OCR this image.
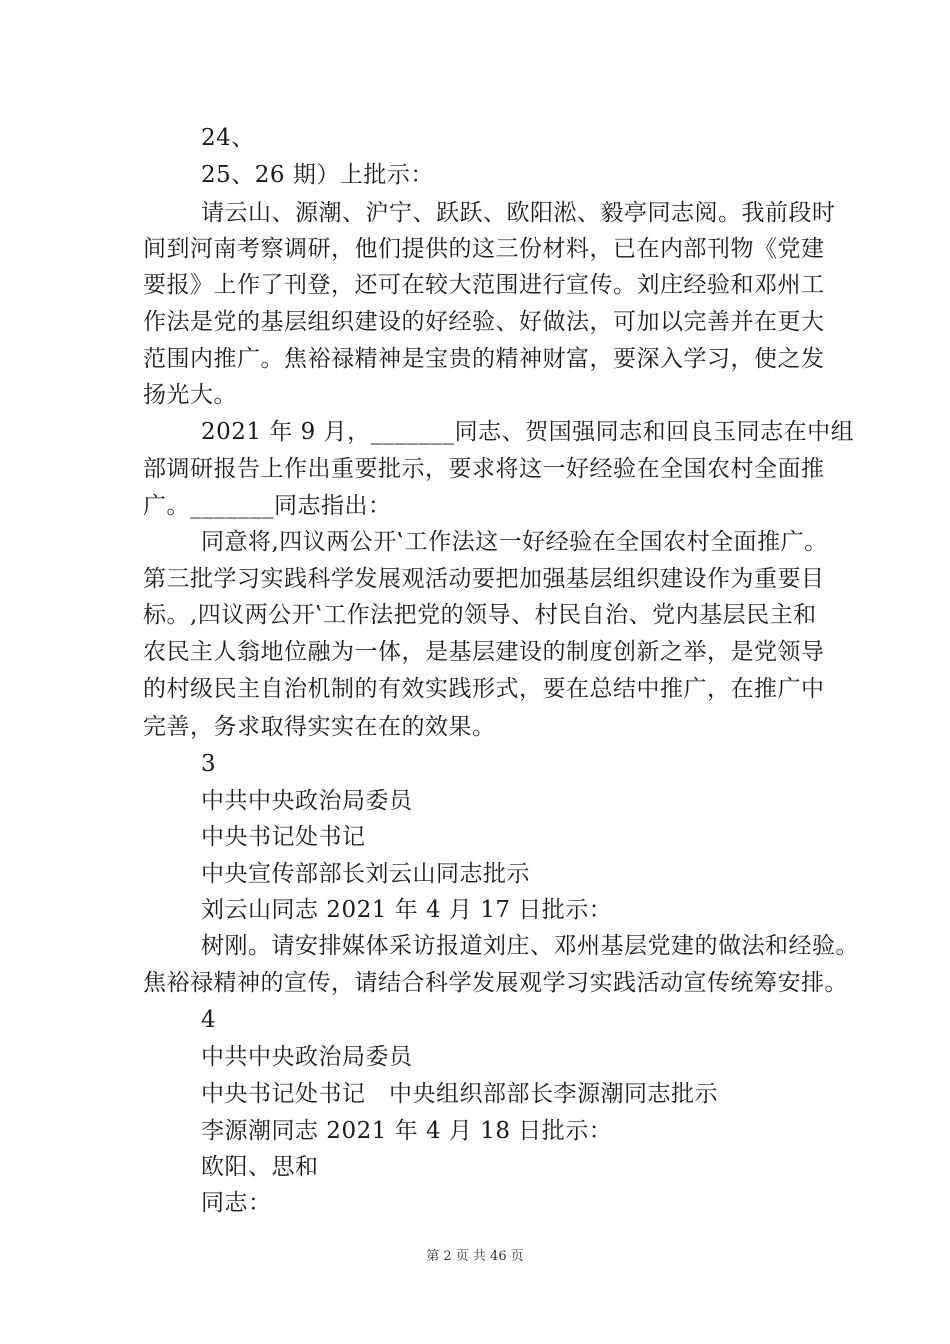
24、
25、26 期）上批示：
请云山、源潮、沪宁、跃跃、欧阳淞、毅亭同志阅。我前段时
间到河南考察调研，他们提供的这三份材料，已在内部刊物《党建
要报》上作了刊登，还可在较大范围进行宣传。刘庄经验和邓州工
作法是党的基层组织建设的好经验、好做法，可加以完善并在更大
范围内推广。焦裕禄精神是宝贵的精神财富，要深入学习，使之发
扬光大。
2021 年 9 月，_______同志、贺国强同志和回良玉同志在中组
部调研报告上作出重要批示，要求将这一好经验在全国农村全面推
广。_______同志指出：
同意将,四议两公开‛工作法这一好经验在全国农村全面推广。
第三批学习实践科学发展观活动要把加强基层组织建设作为重要目
标。,四议两公开‛工作法把党的领导、村民自治、党内基层民主和
农民主人翁地位融为一体，是基层建设的制度创新之举，是党领导
的村级民主自治机制的有效实践形式，要在总结中推广，在推广中
完善，务求取得实实在在的效果。
3
中共中央政治局委员
中央书记处书记
中央宣传部部长刘云山同志批示
刘云山同志 2021 年 4 月 17 日批示：
树刚。请安排媒体采访报道刘庄、邓州基层党建的做法和经验。
焦裕禄精神的宣传，请结合科学发展观学习实践活动宣传统筹安排。
4
中共中央政治局委员
中央书记处书记　中央组织部部长李源潮同志批示
李源潮同志 2021 年 4 月 18 日批示：
欧阳、思和
同志：
第 2 页 共 46 页
